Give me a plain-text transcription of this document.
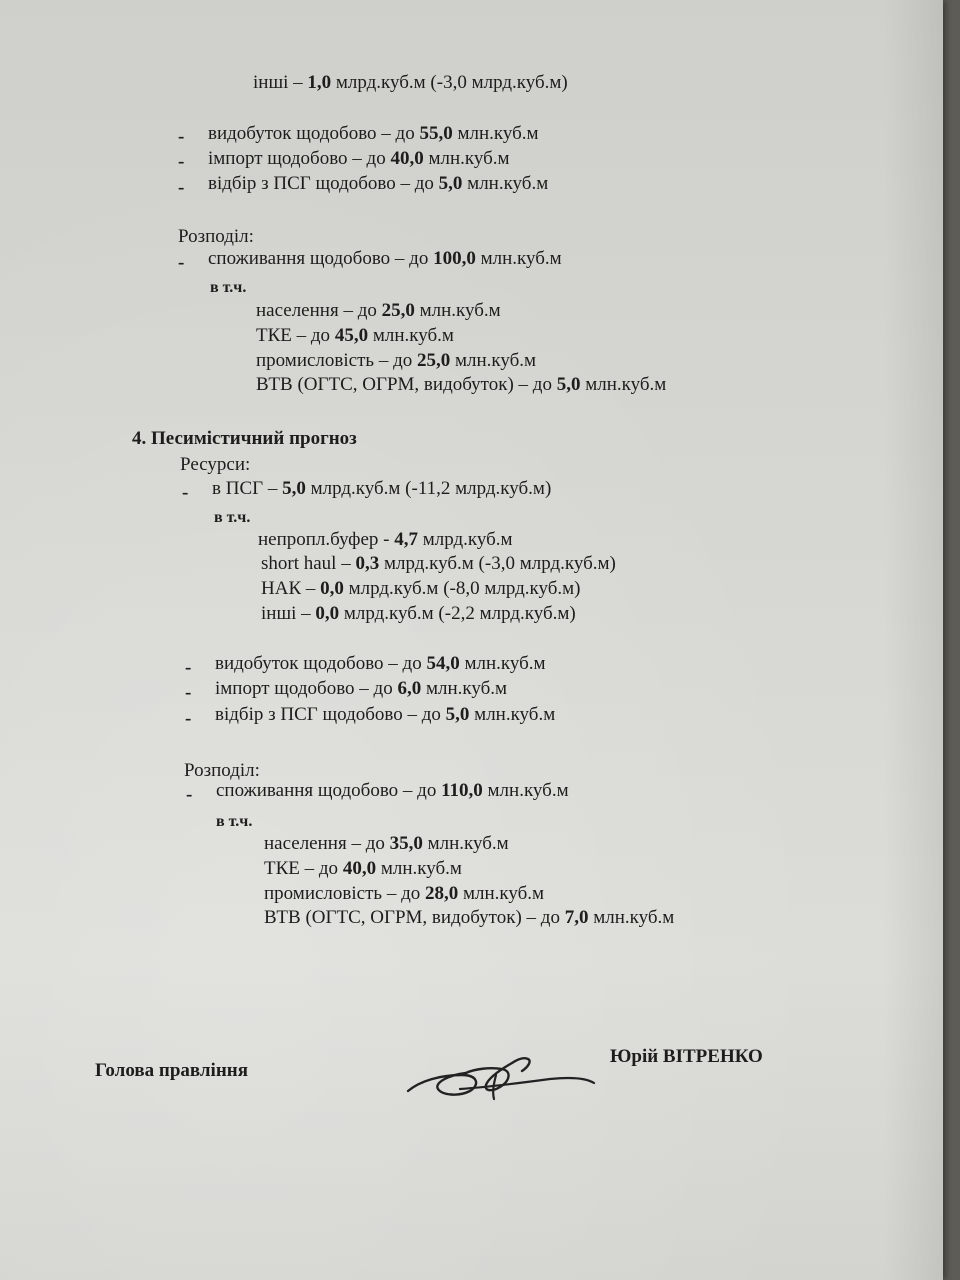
інші – 1,0 млрд.куб.м (-3,0 млрд.куб.м)
- видобуток щодобово – до 55,0 млн.куб.м
- імпорт щодобово – до 40,0 млн.куб.м
- відбір з ПСГ щодобово – до 5,0 млн.куб.м
Розподіл:
- споживання щодобово – до 100,0 млн.куб.м
в т.ч.
населення – до 25,0 млн.куб.м
ТКЕ – до 45,0 млн.куб.м
промисловість – до 25,0 млн.куб.м
ВТВ (ОГТС, ОГРМ, видобуток) – до 5,0 млн.куб.м
4. Песимістичний прогноз
Ресурси:
- в ПСГ – 5,0 млрд.куб.м (-11,2 млрд.куб.м)
в т.ч.
непропл.буфер - 4,7 млрд.куб.м
short haul – 0,3 млрд.куб.м (-3,0 млрд.куб.м)
НАК – 0,0 млрд.куб.м (-8,0 млрд.куб.м)
інші – 0,0 млрд.куб.м (-2,2 млрд.куб.м)
- видобуток щодобово – до 54,0 млн.куб.м
- імпорт щодобово – до 6,0 млн.куб.м
- відбір з ПСГ щодобово – до 5,0 млн.куб.м
Розподіл:
- споживання щодобово – до 110,0 млн.куб.м
в т.ч.
населення – до 35,0 млн.куб.м
ТКЕ – до 40,0 млн.куб.м
промисловість – до 28,0 млн.куб.м
ВТВ (ОГТС, ОГРМ, видобуток) – до 7,0 млн.куб.м
Голова правління
Юрій ВІТРЕНКО
